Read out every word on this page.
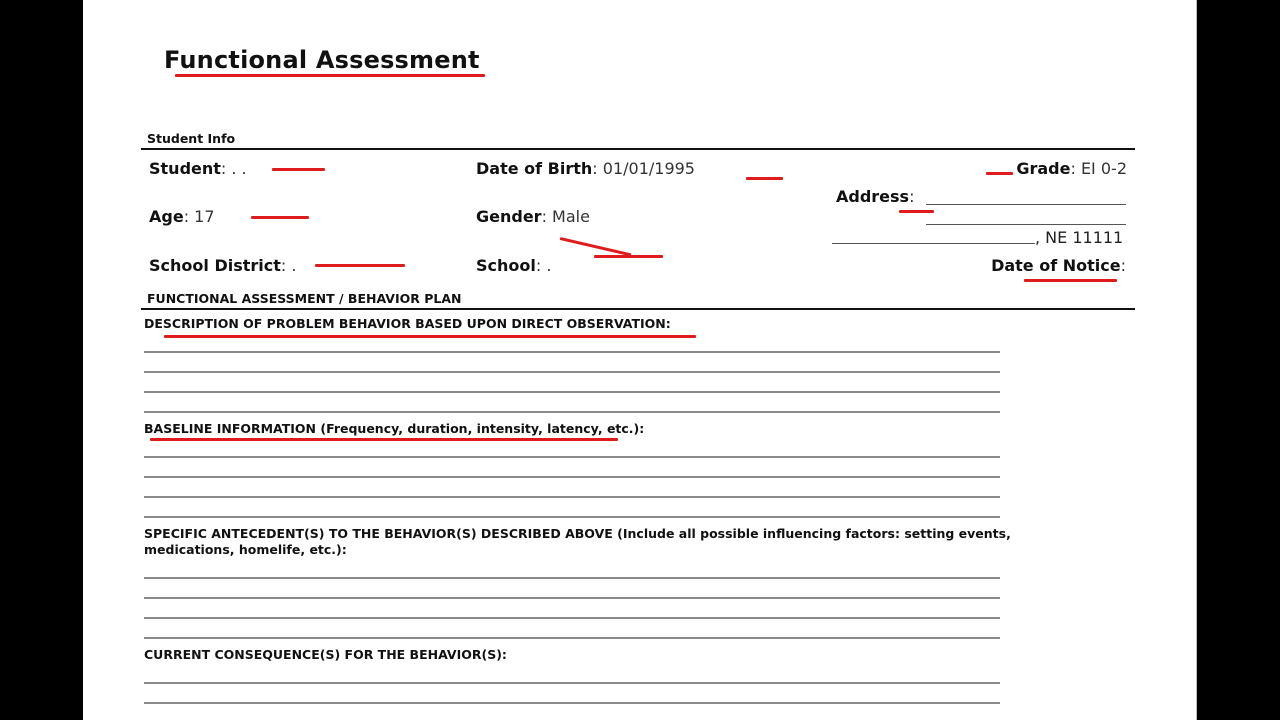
Functional Assessment
Student Info
Student: . .	Date of Birth: 01/01/1995	Grade: EI 0-2
Address:
, NE 11111
Age: 17	Gender: Male
School District: .	School: .	Date of Notice:
FUNCTIONAL ASSESSMENT / BEHAVIOR PLAN
DESCRIPTION OF PROBLEM BEHAVIOR BASED UPON DIRECT OBSERVATION:
BASELINE INFORMATION (Frequency, duration, intensity, latency, etc.):
SPECIFIC ANTECEDENT(S) TO THE BEHAVIOR(S) DESCRIBED ABOVE (Include all possible influencing factors: setting events,
medications, homelife, etc.):
CURRENT CONSEQUENCE(S) FOR THE BEHAVIOR(S):
